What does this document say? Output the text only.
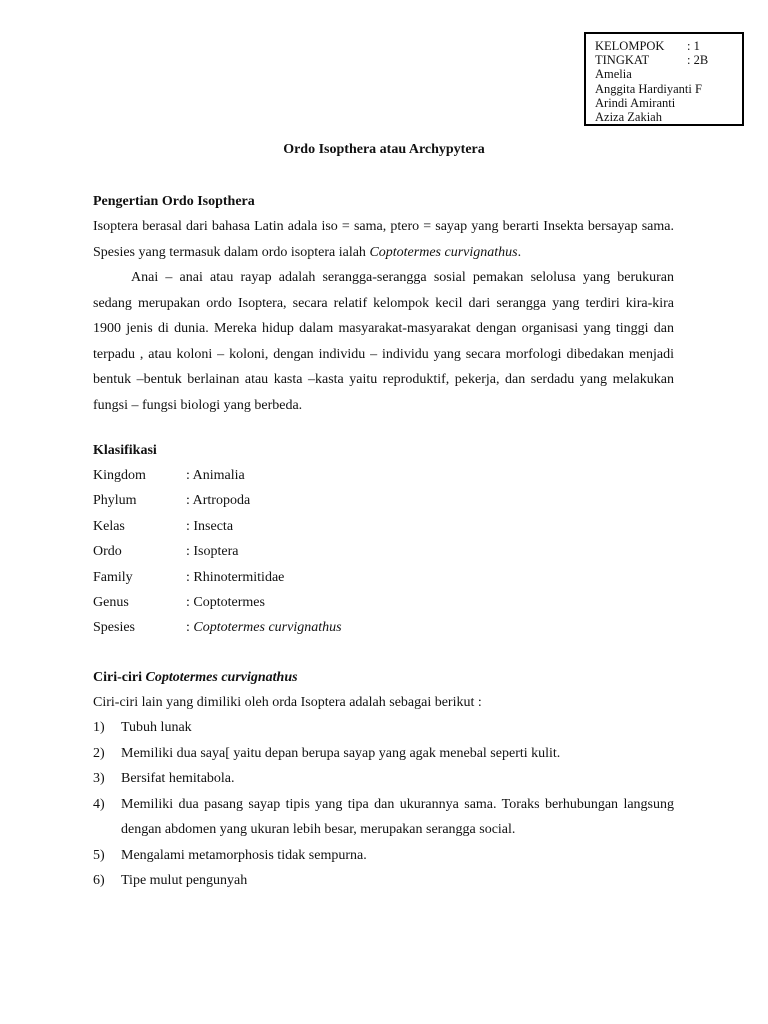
KELOMPOK	: 1
TINGKAT	: 2B
Amelia
Anggita Hardiyanti F
Arindi Amiranti
Aziza Zakiah
Ordo Isopthera atau Archypytera
Pengertian Ordo Isopthera

Isoptera berasal dari bahasa Latin adala iso = sama, ptero = sayap yang berarti Insekta bersayap sama. Spesies yang termasuk dalam ordo isoptera ialah Coptotermes curvignathus.

Anai – anai atau rayap adalah serangga-serangga sosial pemakan selolusa yang berukuran sedang merupakan ordo Isoptera, secara relatif kelompok kecil dari serangga yang terdiri kira-kira 1900 jenis di dunia. Mereka hidup dalam masyarakat-masyarakat dengan organisasi yang tinggi dan terpadu , atau koloni – koloni, dengan individu – individu yang secara morfologi dibedakan menjadi bentuk –bentuk berlainan atau kasta –kasta yaitu reproduktif, pekerja, dan serdadu yang melakukan fungsi – fungsi biologi yang berbeda.

Klasifikasi
Kingdom	: Animalia
Phylum	: Artropoda
Kelas	: Insecta
Ordo	: Isoptera
Family	: Rhinotermitidae
Genus	: Coptotermes
Spesies	: Coptotermes curvignathus
Ciri-ciri Coptotermes curvignathus
Ciri-ciri lain yang dimiliki oleh orda Isoptera adalah sebagai berikut :
1)	Tubuh lunak
2)	Memiliki dua saya[ yaitu depan berupa sayap yang agak menebal seperti kulit.
3)	Bersifat hemitabola.
4)	Memiliki dua pasang sayap tipis yang tipa dan ukurannya sama. Toraks berhubungan langsung dengan abdomen yang ukuran lebih besar, merupakan serangga social.
5)	Mengalami metamorphosis tidak sempurna.
6)	Tipe mulut pengunyah
